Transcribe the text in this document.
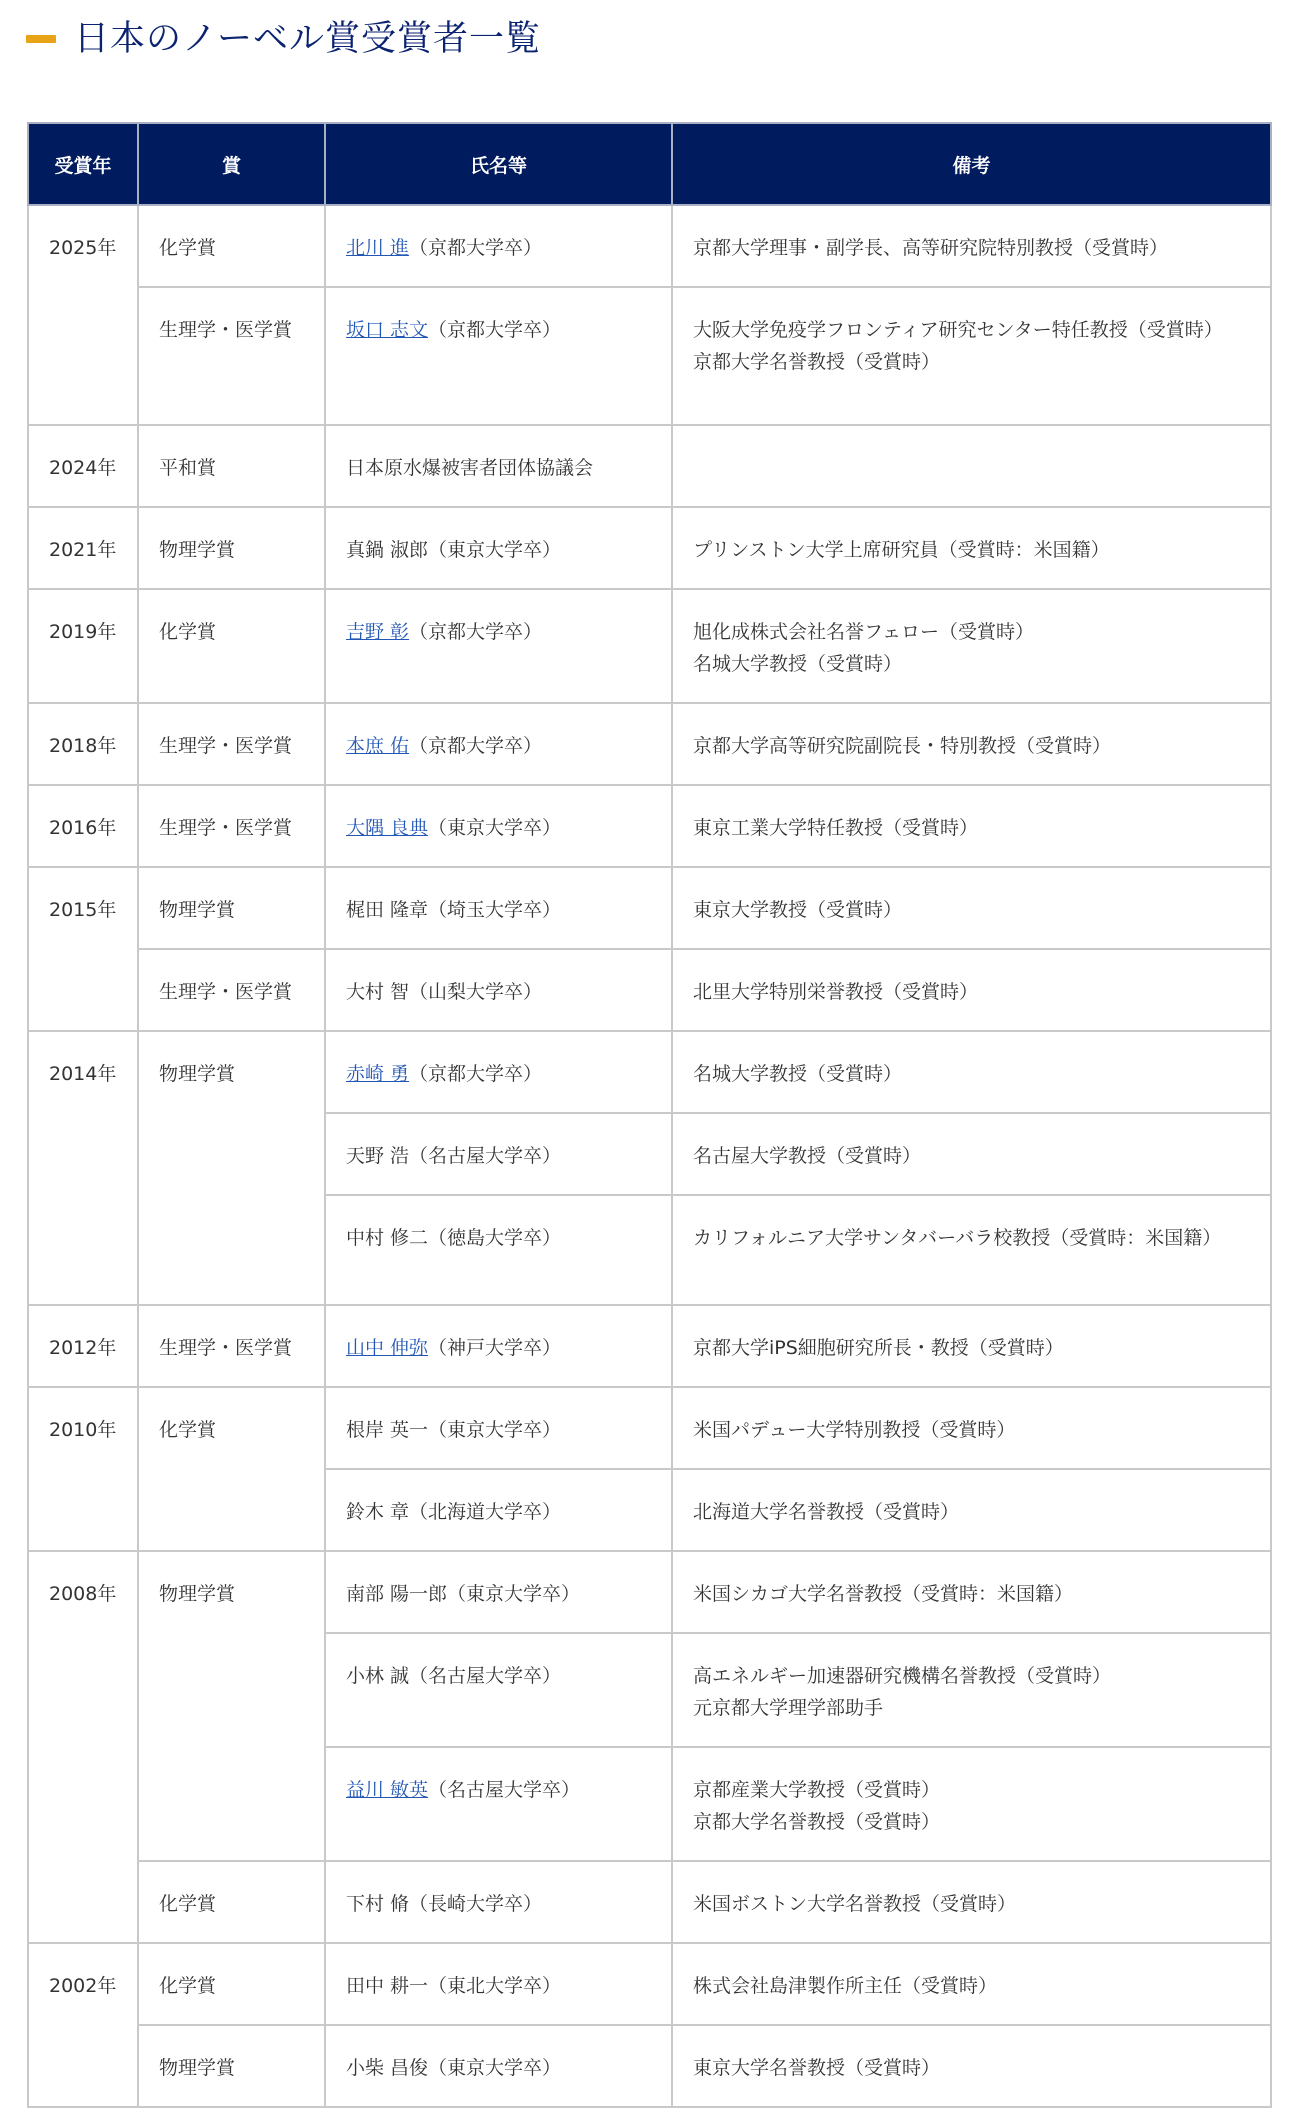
日本のノーベル賞受賞者一覧
受賞年	賞	氏名等	備考
2025年	化学賞	北川 進（京都大学卒）	京都大学理事・副学長、高等研究院特別教授（受賞時）

	生理学・医学賞	坂口 志文（京都大学卒）	大阪大学免疫学フロンティア研究センター特任教授（受賞時）
京都大学名誉教授（受賞時）

2024年	平和賞	日本原水爆被害者団体協議会	
2021年	物理学賞	真鍋 淑郎（東京大学卒）	プリンストン大学上席研究員（受賞時：米国籍）

2019年	化学賞	吉野 彰（京都大学卒）	旭化成株式会社名誉フェロー（受賞時）
名城大学教授（受賞時）

2018年	生理学・医学賞	本庶 佑（京都大学卒）	京都大学高等研究院副院長・特別教授（受賞時）

2016年	生理学・医学賞	大隅 良典（東京大学卒）	東京工業大学特任教授（受賞時）

2015年	物理学賞	梶田 隆章（埼玉大学卒）	東京大学教授（受賞時）

	生理学・医学賞	大村 智（山梨大学卒）	北里大学特別栄誉教授（受賞時）

2014年	物理学賞	赤崎 勇（京都大学卒）	名城大学教授（受賞時）

		天野 浩（名古屋大学卒）	名古屋大学教授（受賞時）

		中村 修二（徳島大学卒）	カリフォルニア大学サンタバーバラ校教授（受賞時：米国籍）

2012年	生理学・医学賞	山中 伸弥（神戸大学卒）	京都大学iPS細胞研究所長・教授（受賞時）

2010年	化学賞	根岸 英一（東京大学卒）	米国パデュー大学特別教授（受賞時）

		鈴木 章（北海道大学卒）	北海道大学名誉教授（受賞時）

2008年	物理学賞	南部 陽一郎（東京大学卒）	米国シカゴ大学名誉教授（受賞時：米国籍）

		小林 誠（名古屋大学卒）	高エネルギー加速器研究機構名誉教授（受賞時）
元京都大学理学部助手

		益川 敏英（名古屋大学卒）	京都産業大学教授（受賞時）
京都大学名誉教授（受賞時）

	化学賞	下村 脩（長崎大学卒）	米国ボストン大学名誉教授（受賞時）

2002年	化学賞	田中 耕一（東北大学卒）	株式会社島津製作所主任（受賞時）

	物理学賞	小柴 昌俊（東京大学卒）	東京大学名誉教授（受賞時）
